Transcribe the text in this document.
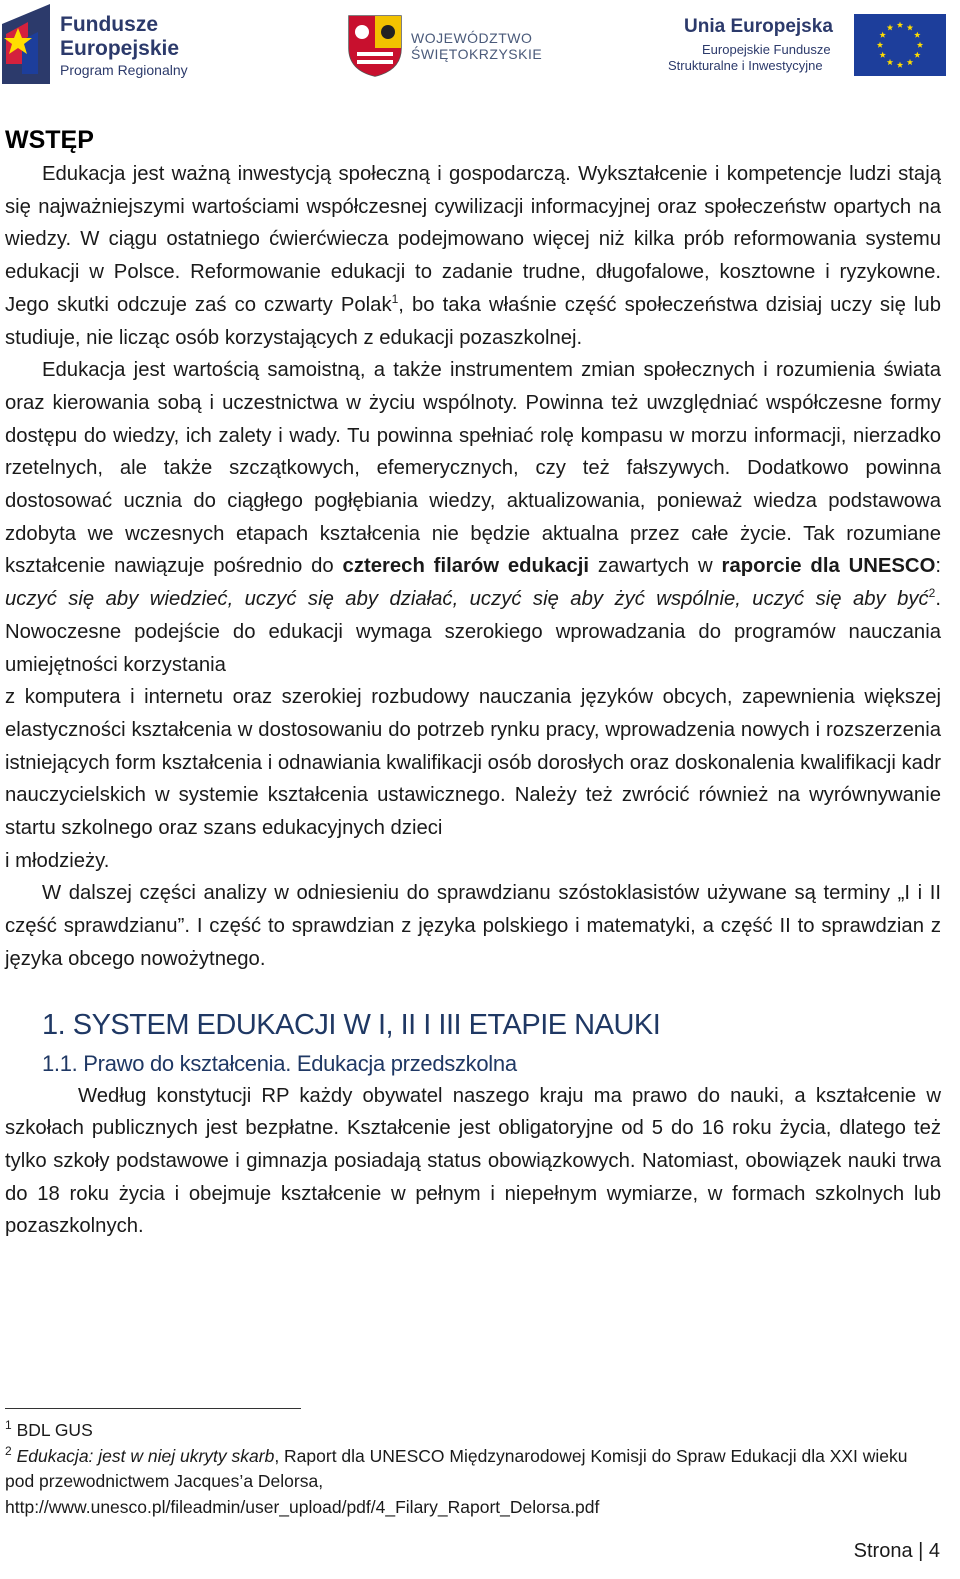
Fundusze
Europejskie
Program Regionalny
WOJEWÓDZTWO
ŚWIĘTOKRZYSKIE
Unia Europejska
Europejskie Fundusze
Strukturalne i Inwestycyjne
WSTĘP

Edukacja jest ważną inwestycją społeczną i gospodarczą. Wykształcenie i kompetencje ludzi stają się najważniejszymi wartościami współczesnej cywilizacji informacyjnej oraz społeczeństw opartych na wiedzy. W ciągu ostatniego ćwierćwiecza podejmowano więcej niż kilka prób reformowania systemu edukacji w Polsce. Reformowanie edukacji to zadanie trudne, długofalowe, kosztowne i ryzykowne. Jego skutki odczuje zaś co czwarty Polak$^1$, bo taka właśnie część społeczeństwa dzisiaj uczy się lub studiuje, nie licząc osób korzystających z edukacji pozaszkolnej.

Edukacja jest wartością samoistną, a także instrumentem zmian społecznych i rozumienia świata oraz kierowania sobą i uczestnictwa w życiu wspólnoty. Powinna też uwzględniać współczesne formy dostępu do wiedzy, ich zalety i wady. Tu powinna spełniać rolę kompasu w morzu informacji, nierzadko rzetelnych, ale także szczątkowych, efemerycznych, czy też fałszywych. Dodatkowo powinna dostosować ucznia do ciągłego pogłębiania wiedzy, aktualizowania, ponieważ wiedza podstawowa zdobyta we wczesnych etapach kształcenia nie będzie aktualna przez całe życie. Tak rozumiane kształcenie nawiązuje pośrednio do czterech filarów edukacji zawartych w raporcie dla UNESCO: uczyć się aby wiedzieć, uczyć się aby działać, uczyć się aby żyć wspólnie, uczyć się aby być$^2$. Nowoczesne podejście do edukacji wymaga szerokiego wprowadzania do programów nauczania umiejętności korzystania

z komputera i internetu oraz szerokiej rozbudowy nauczania języków obcych, zapewnienia większej elastyczności kształcenia w dostosowaniu do potrzeb rynku pracy, wprowadzenia nowych i rozszerzenia istniejących form kształcenia i odnawiania kwalifikacji osób dorosłych oraz doskonalenia kwalifikacji kadr nauczycielskich w systemie kształcenia ustawicznego. Należy też zwrócić również na wyrównywanie startu szkolnego oraz szans edukacyjnych dzieci

i młodzieży.

W dalszej części analizy w odniesieniu do sprawdzianu szóstoklasistów używane są terminy „I i II część sprawdzianu”. I część to sprawdzian z języka polskiego i matematyki, a część II to sprawdzian z języka obcego nowożytnego.

1. SYSTEM EDUKACJI W I, II I III ETAPIE NAUKI
1.1. Prawo do kształcenia. Edukacja przedszkolna

Według konstytucji RP każdy obywatel naszego kraju ma prawo do nauki, a kształcenie w szkołach publicznych jest bezpłatne. Kształcenie jest obligatoryjne od 5 do 16 roku życia, dlatego też tylko szkoły podstawowe i gimnazja posiadają status obowiązkowych. Natomiast, obowiązek nauki trwa do 18 roku życia i obejmuje kształcenie w pełnym i niepełnym wymiarze, w formach szkolnych lub pozaszkolnych.

$^1$ BDL GUS
$^2$ Edukacja: jest w niej ukryty skarb, Raport dla UNESCO Międzynarodowej Komisji do Spraw Edukacji dla XXI wieku pod przewodnictwem Jacques’a Delorsa,
http://www.unesco.pl/fileadmin/user_upload/pdf/4_Filary_Raport_Delorsa.pdf
Strona | 4
